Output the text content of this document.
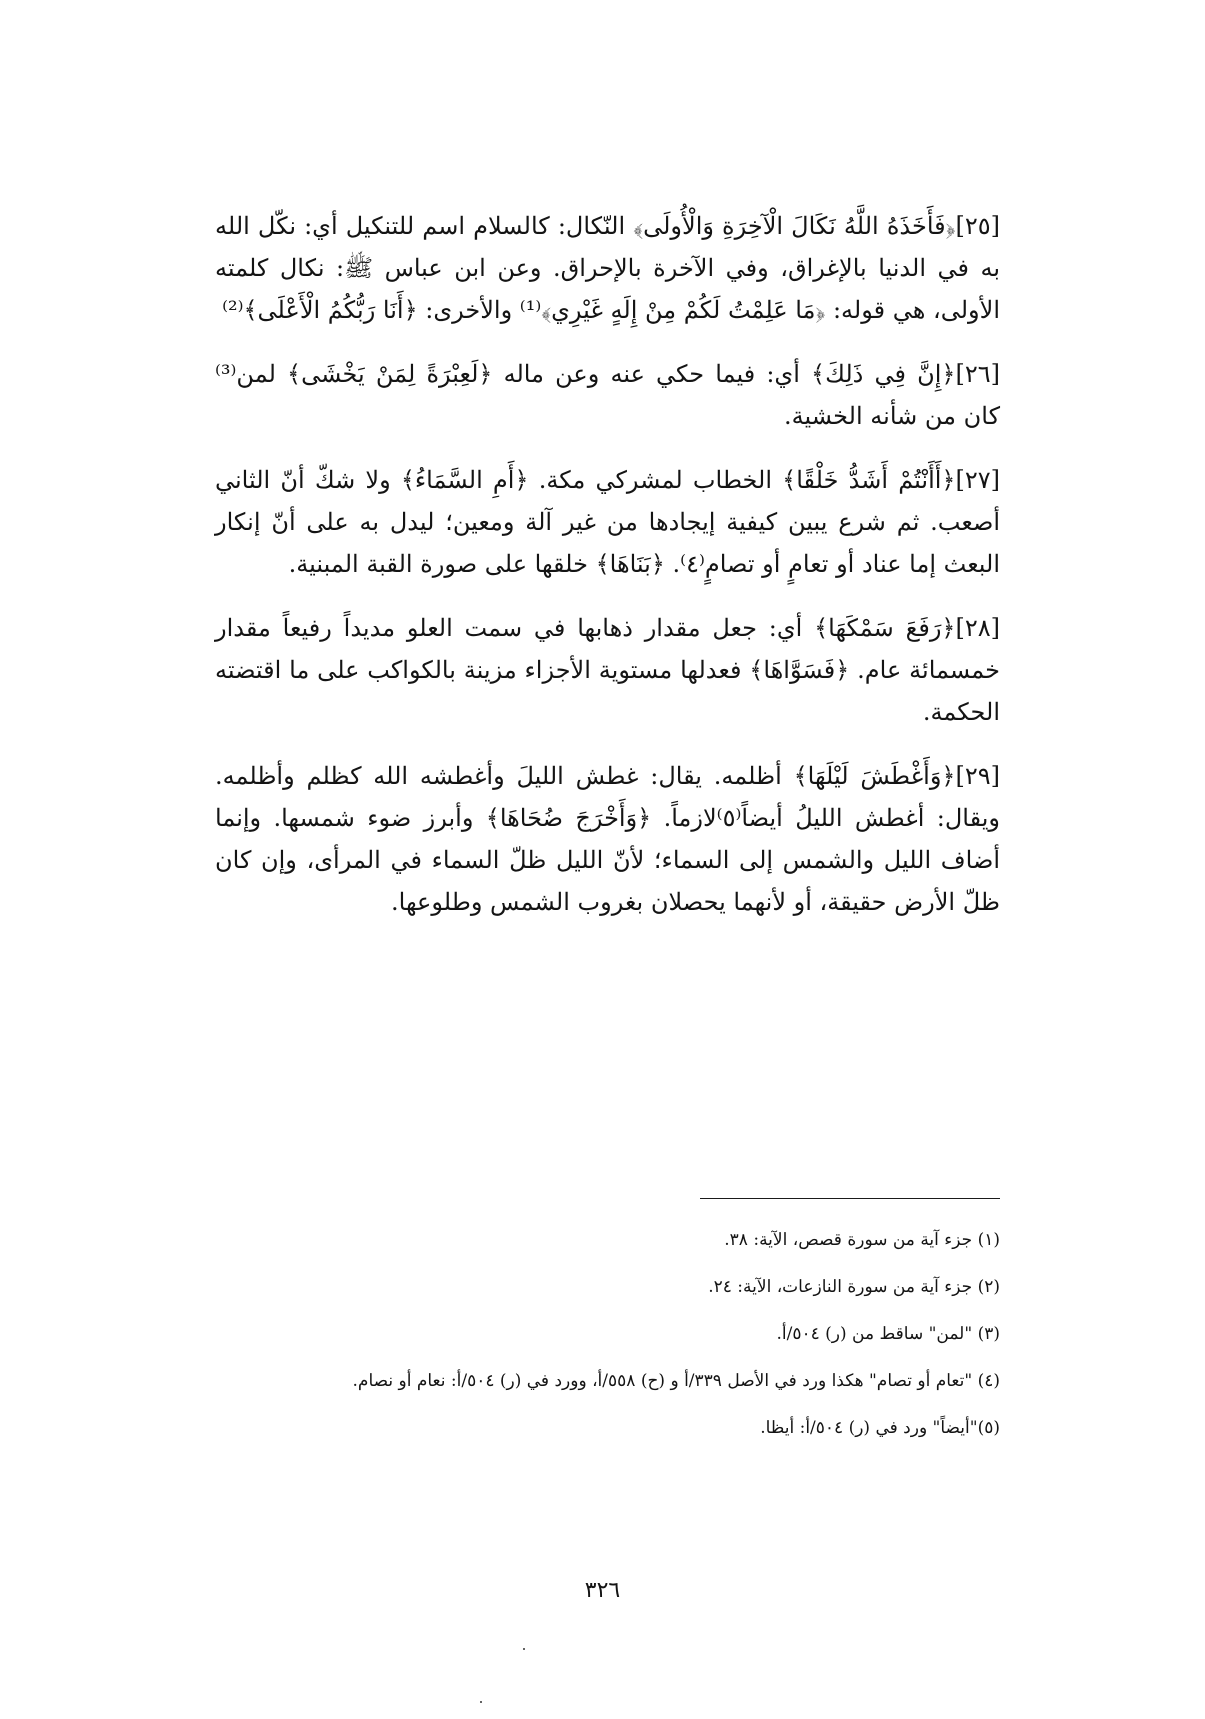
[٢٥]﴿فَأَخَذَهُ اللَّهُ نَكَالَ الْآخِرَةِ وَالْأُولَى﴾ النّكال: كالسلام اسم للتنكيل أي: نكّل الله به في الدنيا بالإغراق، وفي الآخرة بالإحراق. وعن ابن عباس ﷺ: نكال كلمته الأولى، هي قوله: ﴿مَا عَلِمْتُ لَكُمْ مِنْ إِلَهٍ غَيْرِي﴾⁽¹⁾ والأخرى: ﴿أَنَا رَبُّكُمُ الْأَعْلَى﴾⁽²⁾

[٢٦]﴿إِنَّ فِي ذَلِكَ﴾ أي: فيما حكي عنه وعن ماله ﴿لَعِبْرَةً لِمَنْ يَخْشَى﴾ لمن⁽³⁾ كان من شأنه الخشية.

[٢٧]﴿أَأَنْتُمْ أَشَدُّ خَلْقًا﴾ الخطاب لمشركي مكة. ﴿أَمِ السَّمَاءُ﴾ ولا شكّ أنّ الثاني أصعب. ثم شرع يبين كيفية إيجادها من غير آلة ومعين؛ ليدل به على أنّ إنكار البعث إما عناد أو تعامٍ أو تصامٍ⁽٤⁾. ﴿بَنَاهَا﴾ خلقها على صورة القبة المبنية.

[٢٨]﴿رَفَعَ سَمْكَهَا﴾ أي: جعل مقدار ذهابها في سمت العلو مديداً رفيعاً مقدار خمسمائة عام. ﴿فَسَوَّاهَا﴾ فعدلها مستوية الأجزاء مزينة بالكواكب على ما اقتضته الحكمة.

[٢٩]﴿وَأَغْطَشَ لَيْلَهَا﴾ أظلمه. يقال: غطش الليلَ وأغطشه الله كظلم وأظلمه. ويقال: أغطش الليلُ أيضاً⁽٥⁾لازماً. ﴿وَأَخْرَجَ ضُحَاهَا﴾ وأبرز ضوء شمسها. وإنما أضاف الليل والشمس إلى السماء؛ لأنّ الليل ظلّ السماء في المرأى، وإن كان ظلّ الأرض حقيقة، أو لأنهما يحصلان بغروب الشمس وطلوعها.

(١) جزء آية من سورة قصص، الآية: ٣٨.

(٢) جزء آية من سورة النازعات، الآية: ٢٤.

(٣) "لمن" ساقط من (ر) ٥٠٤/أ.

(٤) "تعام أو تصام" هكذا ورد في الأصل ٣٣٩/أ و (ح) ٥٥٨/أ، وورد في (ر) ٥٠٤/أ: نعام أو نصام.

(٥)"أيضاً" ورد في (ر) ٥٠٤/أ: أيظا.

٣٢٦
